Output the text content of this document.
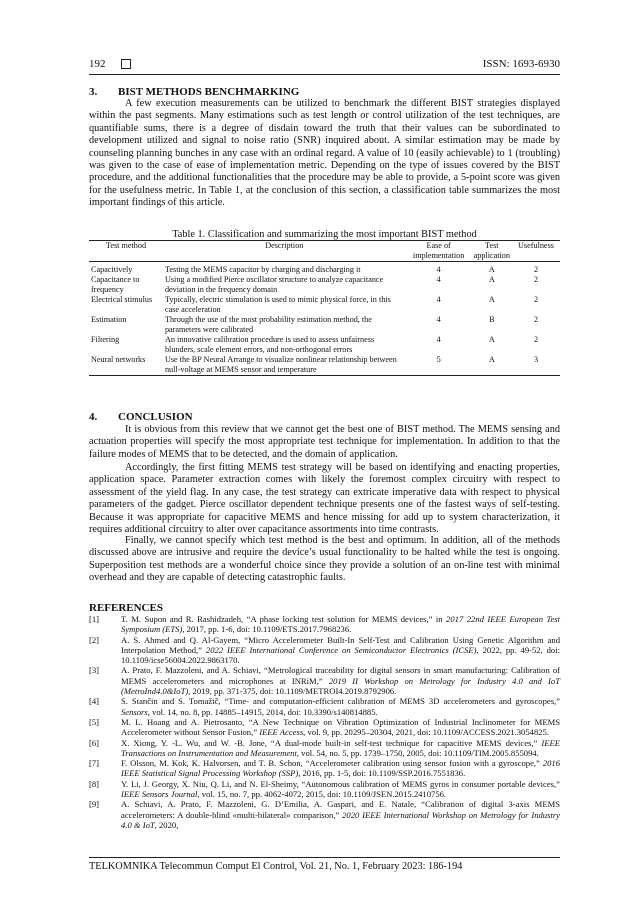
192	ISSN: 1693-6930
3. BIST METHODS BENCHMARKING
A few execution measurements can be utilized to benchmark the different BIST strategies displayed within the past segments. Many estimations such as test length or control utilization of the test techniques, are quantifiable sums, there is a degree of disdain toward the truth that their values can be subordinated to development utilized and signal to noise ratio (SNR) inquired about. A similar estimation may be made by counseling planning bunches in any case with an ordinal regard. A value of 10 (easily achievable) to 1 (troubling) was given to the case of ease of implementation metric. Depending on the type of issues covered by the BIST procedure, and the additional functionalities that the procedure may be able to provide, a 5-point score was given for the usefulness metric. In Table 1, at the conclusion of this section, a classification table summarizes the most important findings of this article.
Table 1. Classification and summarizing the most important BIST method
Test method	Description	Ease of implementation	Test application	Usefulness
Capacitively	Testing the MEMS capacitor by charging and discharging it	4	A	2
Capacitance to frequency	Using a modified Pierce oscillator structure to analyze capacitance deviation in the frequency domain	4	A	2
Electrical stimulus	Typically, electric stimulation is used to mimic physical force, in this case acceleration	4	A	2
Estimation	Through the use of the most probability estimation method, the parameters were calibrated	4	B	2
Filtering	An innovative calibration procedure is used to assess unfairness blunders, scale element errors, and non-orthogonal errors	4	A	2
Neural networks	Use the BP Neural Arrange to visualize nonlinear relationship between null-voltage at MEMS sensor and temperature	5	A	3
4. CONCLUSION
It is obvious from this review that we cannot get the best one of BIST method. The MEMS sensing and actuation properties will specify the most appropriate test technique for implementation. In addition to that the failure modes of MEMS that to be detected, and the domain of application.
Accordingly, the first fitting MEMS test strategy will be based on identifying and enacting properties, application space. Parameter extraction comes with likely the foremost complex circuitry with respect to assessment of the yield flag. In any case, the test strategy can extricate imperative data with respect to physical parameters of the gadget. Pierce oscillator dependent technique presents one of the fastest ways of self-testing. Because it was appropriate for capacitive MEMS and hence missing for add up to system characterization, it requires additional circuitry to alter over capacitance assortments into time contrasts.
Finally, we cannot specify which test method is the best and optimum. In addition, all of the methods discussed above are intrusive and require the device’s usual functionality to be halted while the test is ongoing. Superposition test methods are a wonderful choice since they provide a solution of an on-line test with minimal overhead and they are capable of detecting catastrophic faults.
REFERENCES
[1]	T. M. Supon and R. Rashidzadeh, “A phase locking test solution for MEMS devices,” in 2017 22nd IEEE European Test Symposium (ETS), 2017, pp. 1-6, doi: 10.1109/ETS.2017.7968236.
[2]	A. S. Ahmed and Q. Al-Gayem, “Micro Accelerometer Built-In Self-Test and Calibration Using Genetic Algorithm and Interpolation Method,” 2022 IEEE International Conference on Semiconductor Electronics (ICSE), 2022, pp. 49-52, doi: 10.1109/icse56004.2022.9863170.
[3]	A. Prato, F. Mazzoleni, and A. Schiavi, “Metrological traceability for digital sensors in smart manufacturing: Calibration of MEMS accelerometers and microphones at INRiM,” 2019 II Workshop on Metrology for Industry 4.0 and IoT (MetroInd4.0&IoT), 2019, pp. 371-375, doi: 10.1109/METROI4.2019.8792906.
[4]	S. Stančin and S. Tomažič, “Time- and computation-efficient calibration of MEMS 3D accelerometers and gyroscopes,” Sensors, vol. 14, no. 8, pp. 14885–14915, 2014, doi: 10.3390/s140814885.
[5]	M. L. Hoang and A. Pietrosanto, “A New Technique on Vibration Optimization of Industrial Inclinometer for MEMS Accelerometer without Sensor Fusion,” IEEE Access, vol. 9, pp. 20295–20304, 2021, doi: 10.1109/ACCESS.2021.3054825.
[6]	X. Xiong, Y. -L. Wu, and W. -B. Jone, “A dual-mode built-in self-test technique for capacitive MEMS devices,” IEEE Transactions on Instrumentation and Measurement, vol. 54, no. 5, pp. 1739–1750, 2005, doi: 10.1109/TIM.2005.855094.
[7]	F. Olsson, M. Kok, K. Halvorsen, and T. B. Schon, “Accelerometer calibration using sensor fusion with a gyroscope,” 2016 IEEE Statistical Signal Processing Workshop (SSP), 2016, pp. 1-5, doi: 10.1109/SSP.2016.7551836.
[8]	Y. Li, J. Georgy, X. Niu, Q. Li, and N. El-Sheimy, “Autonomous calibration of MEMS gyros in consumer portable devices,” IEEE Sensors Journal, vol. 15, no. 7, pp. 4062-4072, 2015, doi: 10.1109/JSEN.2015.2410756.
[9]	A. Schiavi, A. Prato, F. Mazzoleni, G. D’Emilia, A. Gaspari, and E. Natale, “Calibration of digital 3-axis MEMS accelerometers: A double-blind «multi-bilateral» comparison,” 2020 IEEE International Workshop on Metrology for Industry 4.0 & IoT, 2020,
TELKOMNIKA Telecommun Comput El Control, Vol. 21, No. 1, February 2023: 186-194
